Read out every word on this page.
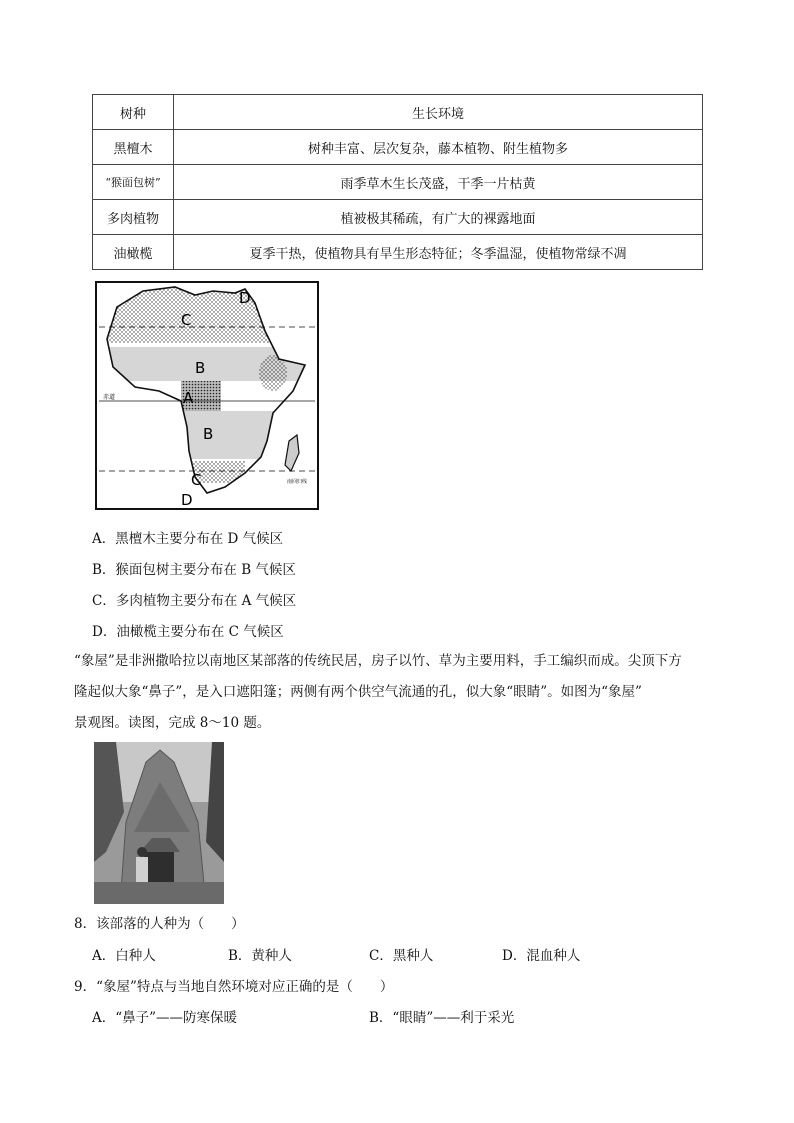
树种	生长环境
黑檀木	树种丰富、层次复杂，藤本植物、附生植物多
“猴面包树”	雨季草木生长茂盛，干季一片枯黄
多肉植物	植被极其稀疏，有广大的裸露地面
油橄榄	夏季干热，使植物具有旱生形态特征；冬季温湿，使植物常绿不凋
赤道
南回归线
C
D
B
A
B
C
D
A．黑檀木主要分布在 D 气候区
B．猴面包树主要分布在 B 气候区
C．多肉植物主要分布在 A 气候区
D．油橄榄主要分布在 C 气候区
“象屋”是非洲撒哈拉以南地区某部落的传统民居，房子以竹、草为主要用料，手工编织而成。尖顶下方
隆起似大象“鼻子”，是入口遮阳篷；两侧有两个供空气流通的孔，似大象“眼睛”。如图为“象屋”
景观图。读图，完成 8～10 题。
8．该部落的人种为（　　）
A．白种人	B．黄种人	C．黑种人	D．混血种人
9．“象屋”特点与当地自然环境对应正确的是（　　）
A．“鼻子”——防寒保暖	B．“眼睛”——利于采光
